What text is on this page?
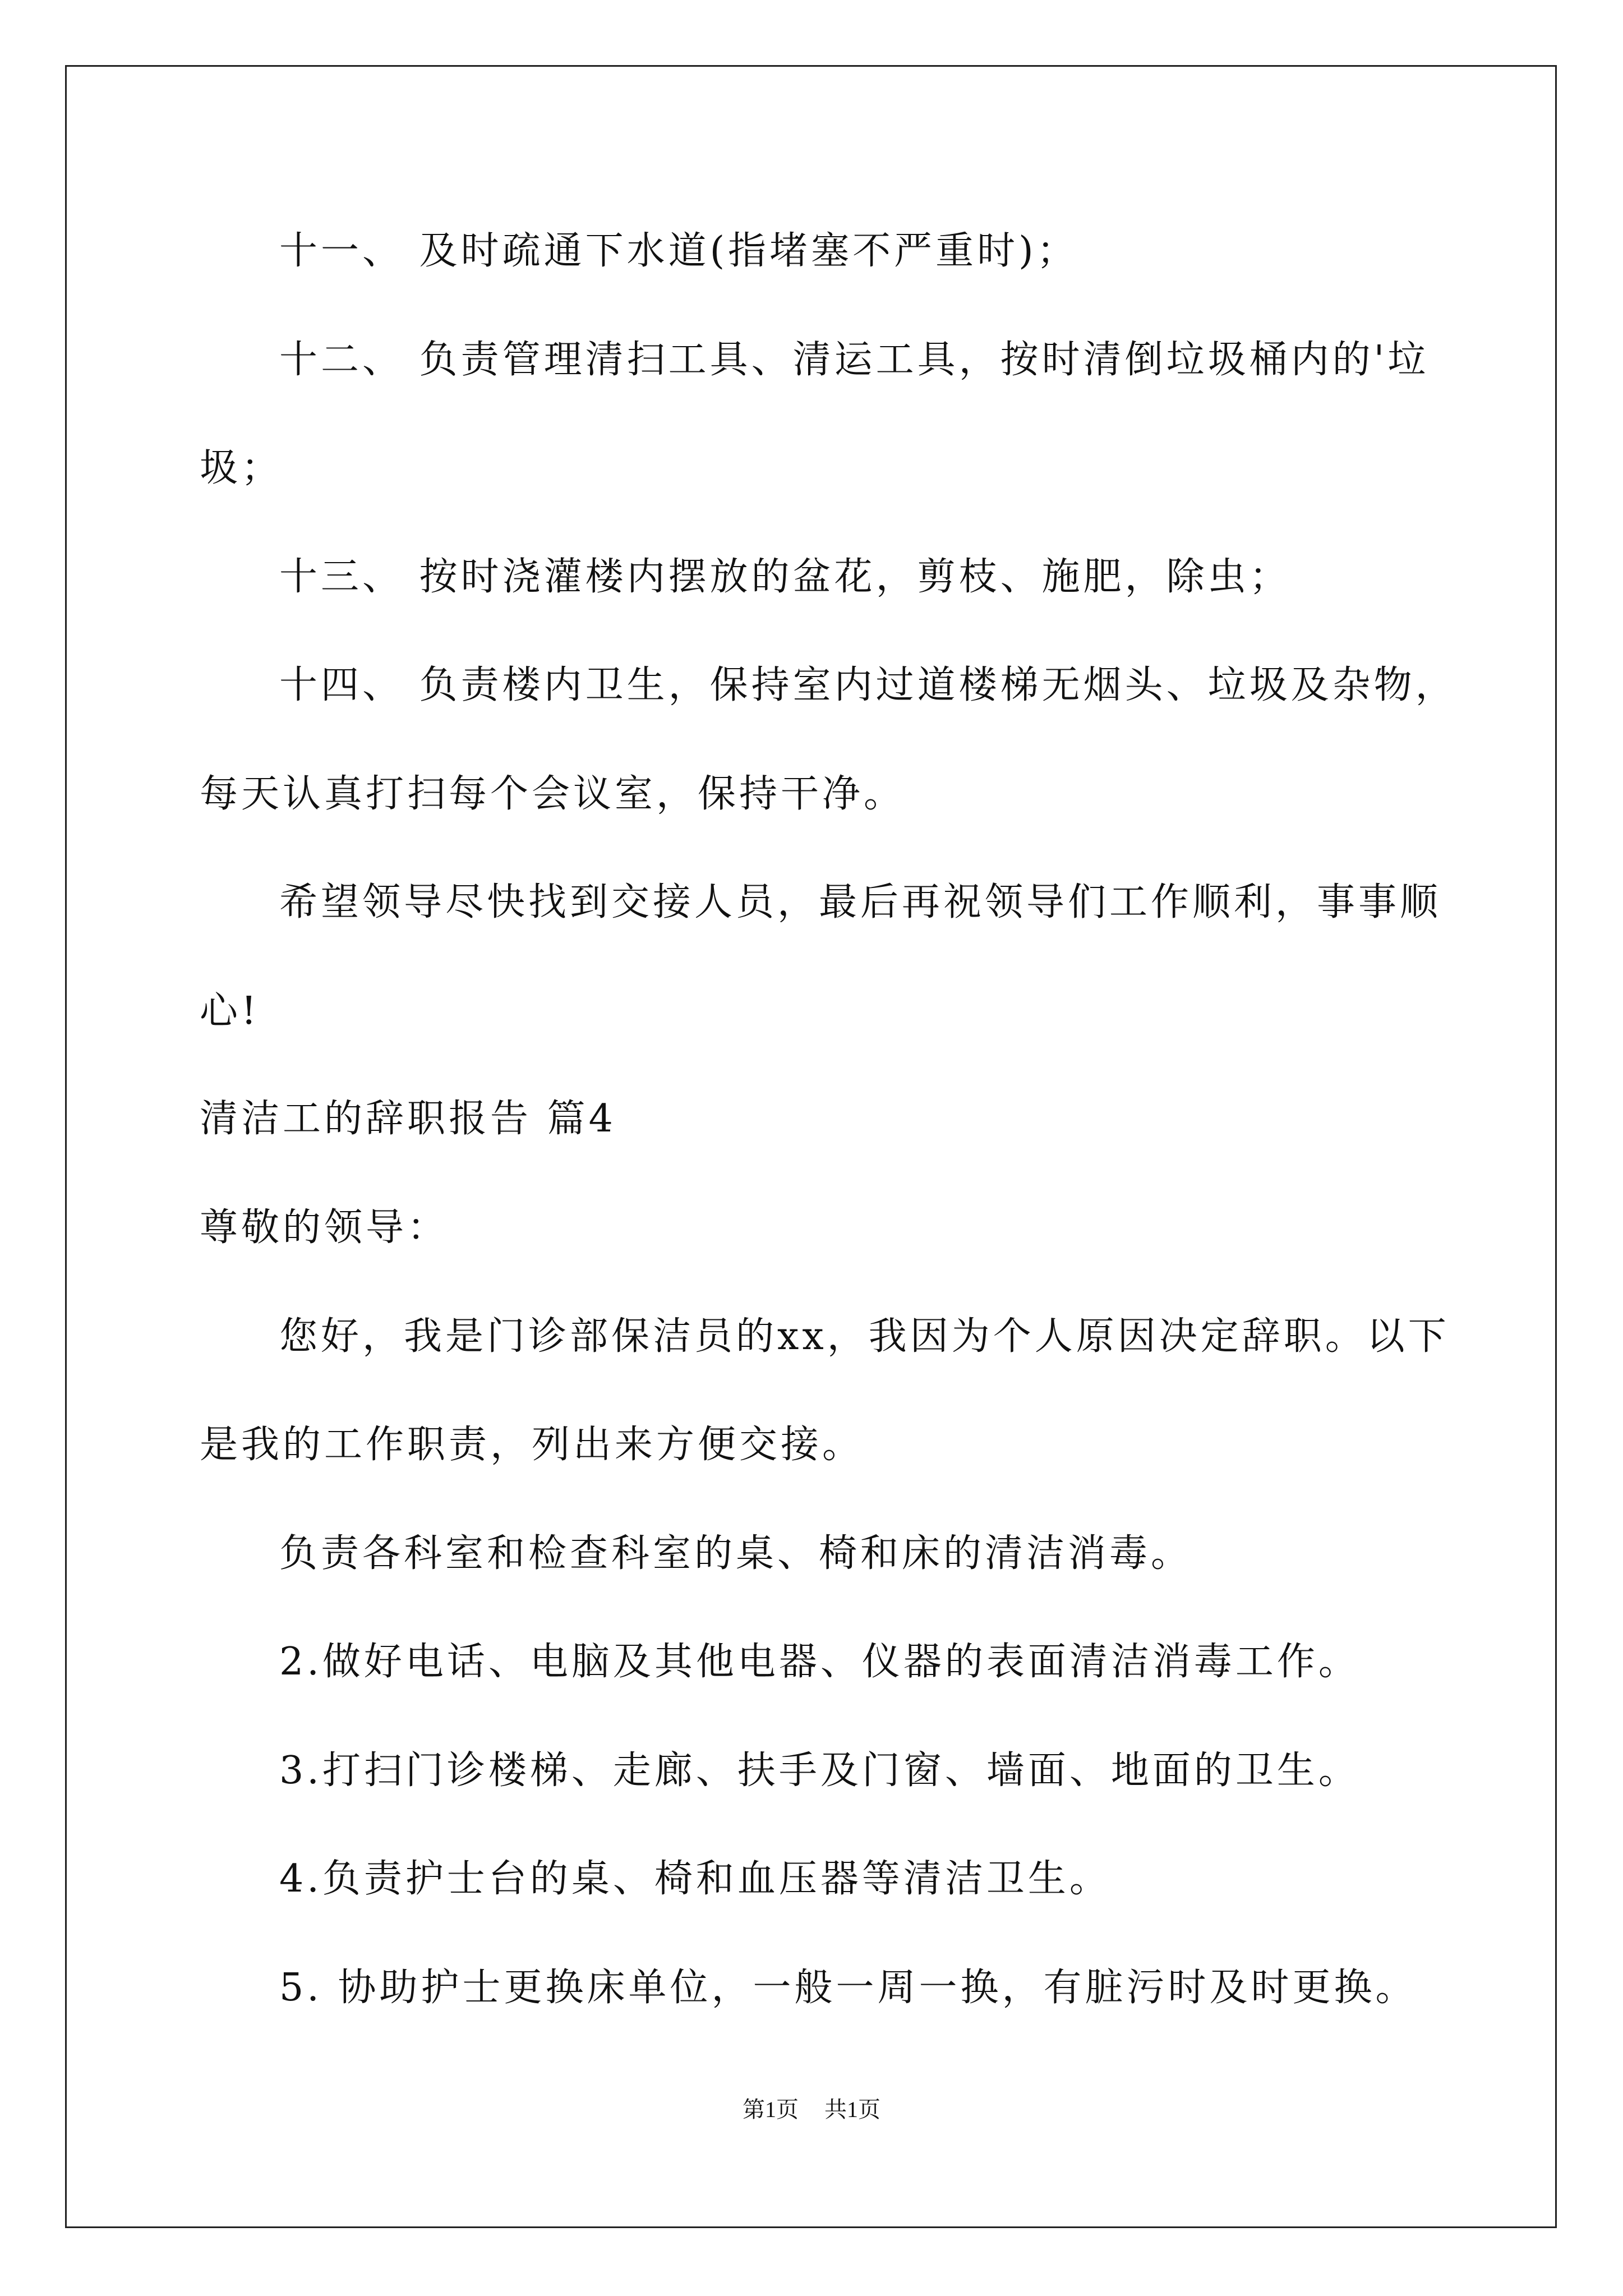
十一、 及时疏通下水道(指堵塞不严重时)；
十二、 负责管理清扫工具、清运工具，按时清倒垃圾桶内的'垃
圾；
十三、 按时浇灌楼内摆放的盆花，剪枝、施肥，除虫；
十四、 负责楼内卫生，保持室内过道楼梯无烟头、垃圾及杂物，
每天认真打扫每个会议室，保持干净。
希望领导尽快找到交接人员，最后再祝领导们工作顺利，事事顺
心!
清洁工的辞职报告 篇4
尊敬的领导：
您好，我是门诊部保洁员的xx，我因为个人原因决定辞职。以下
是我的工作职责，列出来方便交接。
负责各科室和检查科室的桌、椅和床的清洁消毒。
2.做好电话、电脑及其他电器、仪器的表面清洁消毒工作。
3.打扫门诊楼梯、走廊、扶手及门窗、墙面、地面的卫生。
4.负责护士台的桌、椅和血压器等清洁卫生。
5. 协助护士更换床单位，一般一周一换，有脏污时及时更换。
第1页 共1页
